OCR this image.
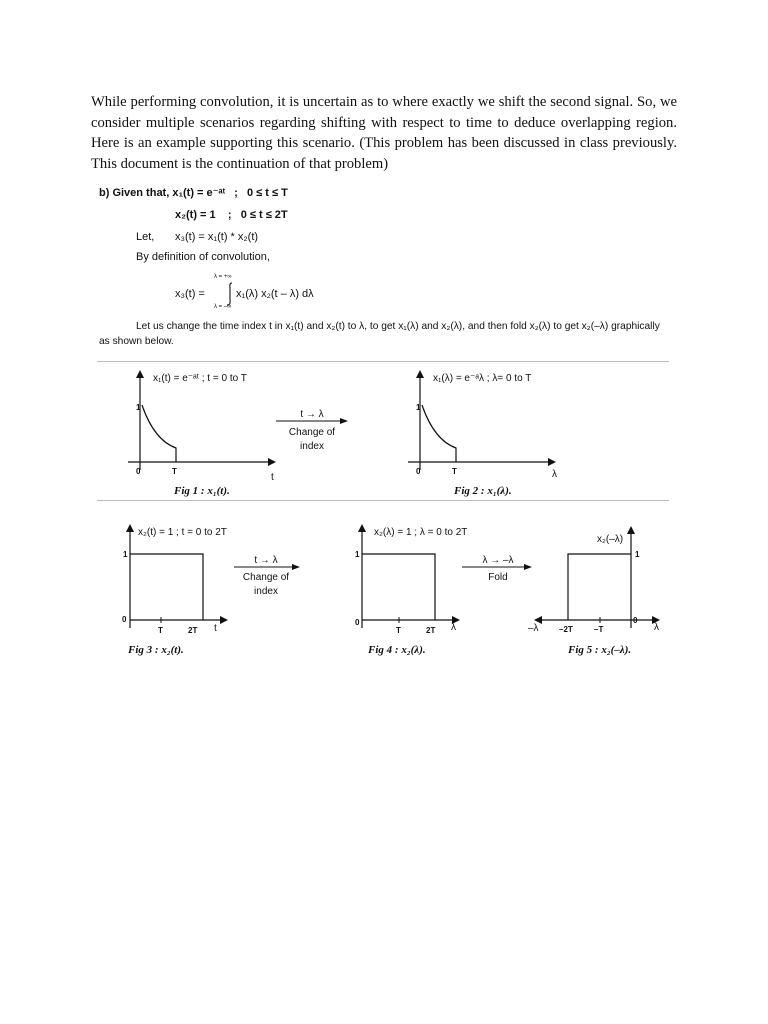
While performing convolution, it is uncertain as to where exactly we shift the second signal. So, we consider multiple scenarios regarding shifting with respect to time to deduce overlapping region. Here is an example supporting this scenario. (This problem has been discussed in class previously. This document is the continuation of that problem)
b) Given that, x₁(t) = e⁻ᵃᵗ   ;   0 ≤ t ≤ T
x₂(t) = 1    ;   0 ≤ t ≤ 2T
Let, x₃(t) = x₁(t) * x₂(t)
By definition of convolution,
x₃(t) =
λ = +∞
λ = –∞
x₁(λ) x₂(t – λ) dλ
Let us change the time index t in x₁(t) and x₂(t) to λ, to get x₁(λ) and x₂(λ), and then fold x₂(λ) to get x₂(–λ) graphically
as shown below.
x₁(t) = e⁻ᵃᵗ ; t = 0 to T
1
0	T
t
Fig 1 : x₁(t).
t → λ
Change of
index
x₁(λ) = e⁻ᵃλ ; λ= 0 to T
1
0	T	λ
Fig 2 : x₁(λ).
x₂(t) = 1 ; t = 0 to 2T
1
0
T	2T t
Fig 3 : x₂(t).
t → λ
Change of
index
x₂(λ) = 1 ; λ = 0 to 2T
1
0
T	2T λ
Fig 4 : x₂(λ).
λ → –λ
Fold
x₂(–λ)
1
0
–2T	–T
–λ	λ
Fig 5 : x₂(–λ).
